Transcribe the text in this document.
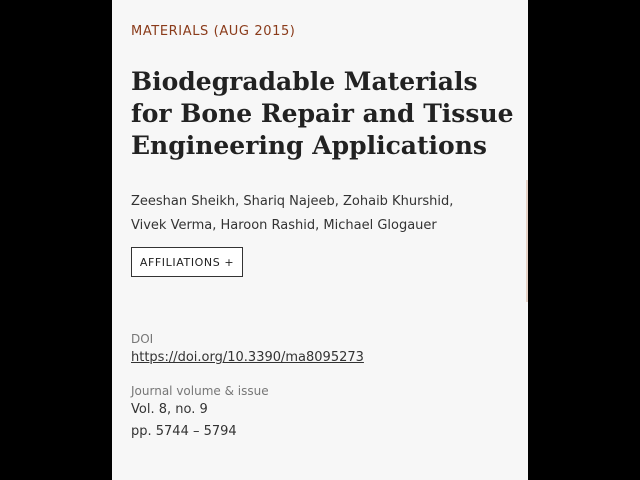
MATERIALS (AUG 2015)
Biodegradable Materials for Bone Repair and Tissue Engineering Applications
Zeeshan Sheikh, Shariq Najeeb, Zohaib Khurshid,
Vivek Verma, Haroon Rashid, Michael Glogauer
AFFILIATIONS +
DOI
https://doi.org/10.3390/ma8095273
Journal volume & issue
Vol. 8, no. 9
pp. 5744 – 5794
